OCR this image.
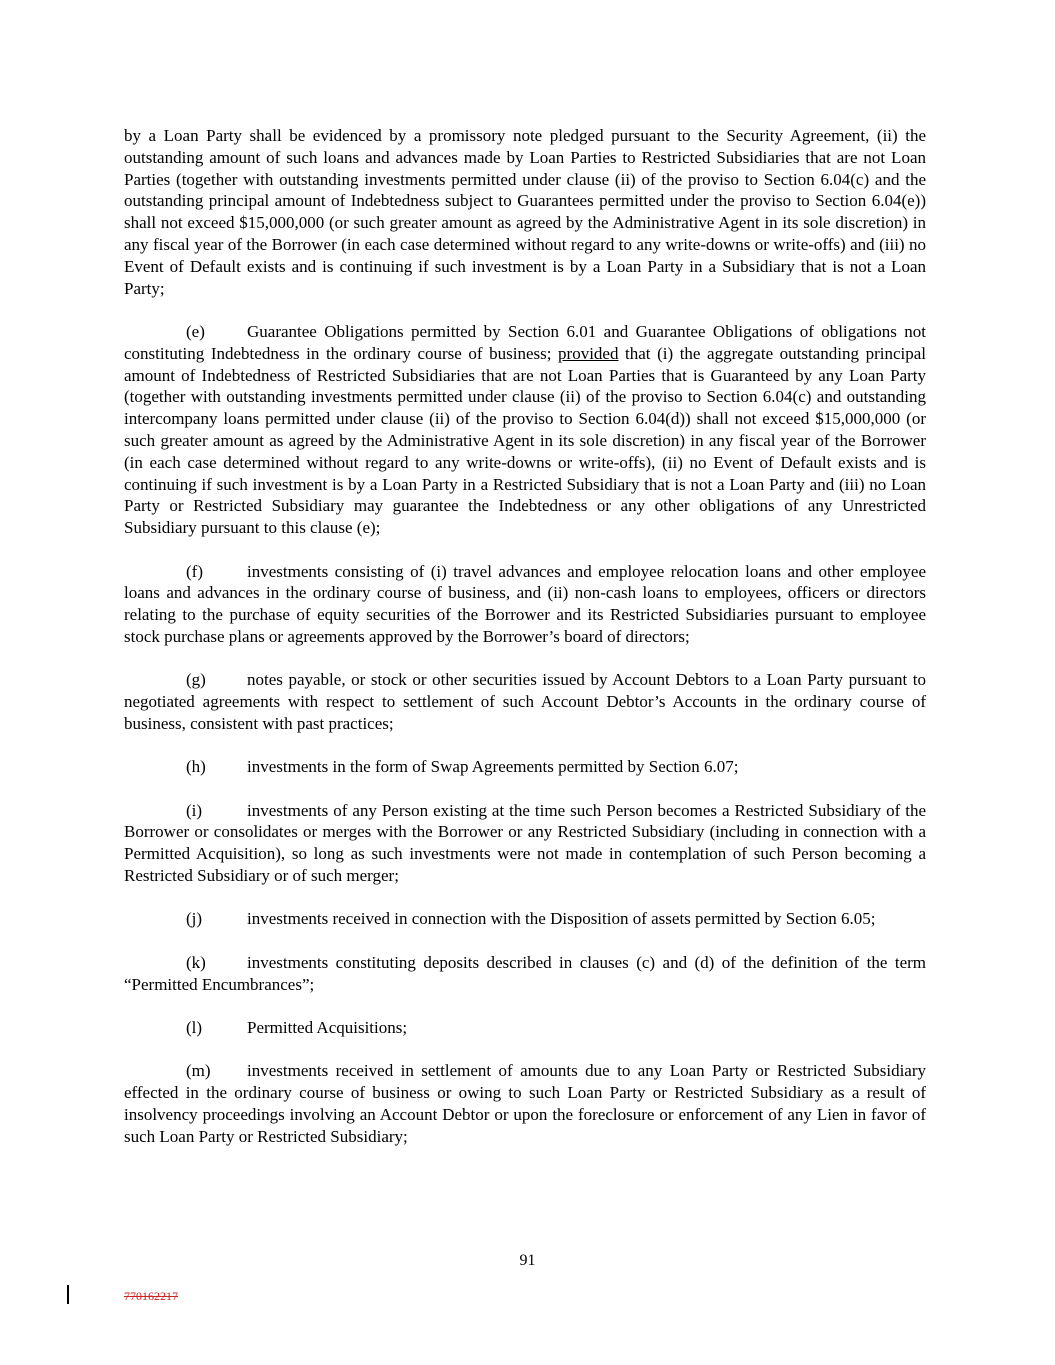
by a Loan Party shall be evidenced by a promissory note pledged pursuant to the Security Agreement, (ii) the outstanding amount of such loans and advances made by Loan Parties to Restricted Subsidiaries that are not Loan Parties (together with outstanding investments permitted under clause (ii) of the proviso to Section 6.04(c) and the outstanding principal amount of Indebtedness subject to Guarantees permitted under the proviso to Section 6.04(e)) shall not exceed $15,000,000 (or such greater amount as agreed by the Administrative Agent in its sole discretion) in any fiscal year of the Borrower (in each case determined without regard to any write-downs or write-offs) and (iii) no Event of Default exists and is continuing if such investment is by a Loan Party in a Subsidiary that is not a Loan Party;

(e) Guarantee Obligations permitted by Section 6.01 and Guarantee Obligations of obligations not constituting Indebtedness in the ordinary course of business; provided that (i) the aggregate outstanding principal amount of Indebtedness of Restricted Subsidiaries that are not Loan Parties that is Guaranteed by any Loan Party (together with outstanding investments permitted under clause (ii) of the proviso to Section 6.04(c) and outstanding intercompany loans permitted under clause (ii) of the proviso to Section 6.04(d)) shall not exceed $15,000,000 (or such greater amount as agreed by the Administrative Agent in its sole discretion) in any fiscal year of the Borrower (in each case determined without regard to any write-downs or write-offs), (ii) no Event of Default exists and is continuing if such investment is by a Loan Party in a Restricted Subsidiary that is not a Loan Party and (iii) no Loan Party or Restricted Subsidiary may guarantee the Indebtedness or any other obligations of any Unrestricted Subsidiary pursuant to this clause (e);

(f)	investments consisting of (i) travel advances and employee relocation loans and other employee loans and advances in the ordinary course of business, and (ii) non-cash loans to employees, officers or directors relating to the purchase of equity securities of the Borrower and its Restricted Subsidiaries pursuant to employee stock purchase plans or agreements approved by the Borrower’s board of directors;

(g) notes payable, or stock or other securities issued by Account Debtors to a Loan Party pursuant to negotiated agreements with respect to settlement of such Account Debtor’s Accounts in the ordinary course of business, consistent with past practices;

(h) investments in the form of Swap Agreements permitted by Section 6.07;

(i)	investments of any Person existing at the time such Person becomes a Restricted Subsidiary of the Borrower or consolidates or merges with the Borrower or any Restricted Subsidiary (including in connection with a Permitted Acquisition), so long as such investments were not made in contemplation of such Person becoming a Restricted Subsidiary or of such merger;

(j)	investments received in connection with the Disposition of assets permitted by Section 6.05;

(k) investments constituting deposits described in clauses (c) and (d) of the definition of the term “Permitted Encumbrances”;

(l)	Permitted Acquisitions;

(m) investments received in settlement of amounts due to any Loan Party or Restricted Subsidiary effected in the ordinary course of business or owing to such Loan Party or Restricted Subsidiary as a result of insolvency proceedings involving an Account Debtor or upon the foreclosure or enforcement of any Lien in favor of such Loan Party or Restricted Subsidiary;

91
770162217
